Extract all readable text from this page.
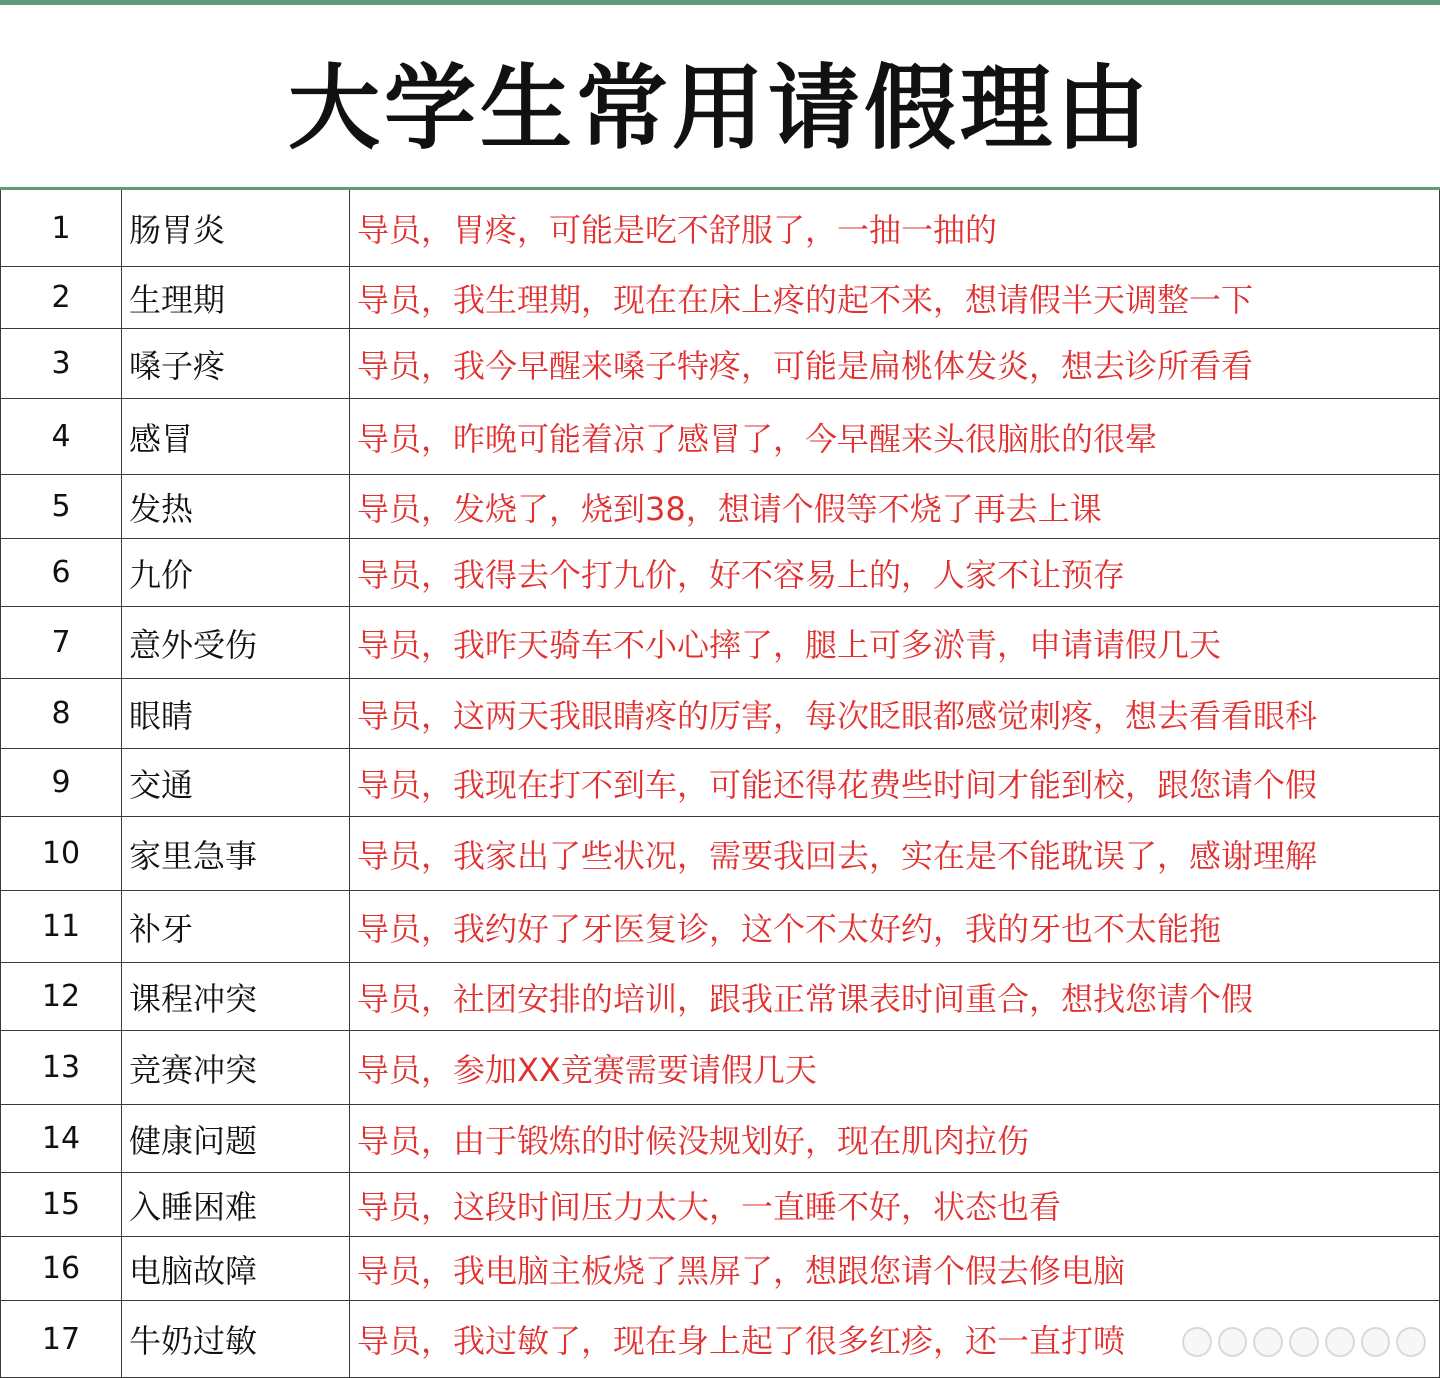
大学生常用请假理由
1	肠胃炎	导员，胃疼，可能是吃不舒服了，一抽一抽的
2	生理期	导员，我生理期，现在在床上疼的起不来，想请假半天调整一下
3	嗓子疼	导员，我今早醒来嗓子特疼，可能是扁桃体发炎，想去诊所看看
4	感冒	导员，昨晚可能着凉了感冒了，今早醒来头很脑胀的很晕
5	发热	导员，发烧了，烧到38，想请个假等不烧了再去上课
6	九价	导员，我得去个打九价，好不容易上的，人家不让预存
7	意外受伤	导员，我昨天骑车不小心摔了，腿上可多淤青，申请请假几天
8	眼睛	导员，这两天我眼睛疼的厉害，每次眨眼都感觉刺疼，想去看看眼科
9	交通	导员，我现在打不到车，可能还得花费些时间才能到校，跟您请个假
10	家里急事	导员，我家出了些状况，需要我回去，实在是不能耽误了，感谢理解
11	补牙	导员，我约好了牙医复诊，这个不太好约，我的牙也不太能拖
12	课程冲突	导员，社团安排的培训，跟我正常课表时间重合，想找您请个假
13	竞赛冲突	导员，参加XX竞赛需要请假几天
14	健康问题	导员，由于锻炼的时候没规划好，现在肌肉拉伤
15	入睡困难	导员，这段时间压力太大，一直睡不好，状态也看
16	电脑故障	导员，我电脑主板烧了黑屏了，想跟您请个假去修电脑
17	牛奶过敏	导员，我过敏了，现在身上起了很多红疹，还一直打喷
